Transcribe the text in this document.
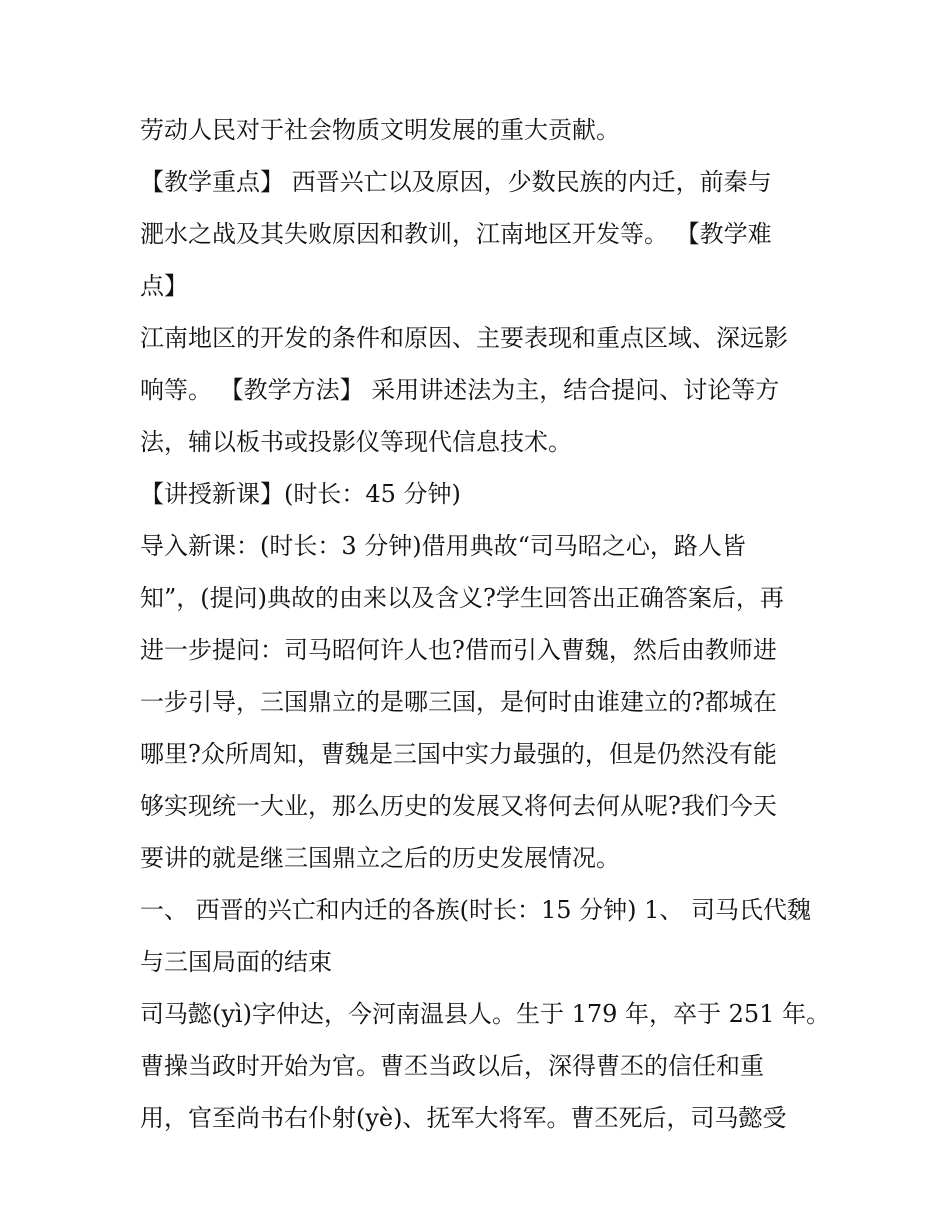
劳动人民对于社会物质文明发展的重大贡献。
【教学重点】 西晋兴亡以及原因，少数民族的内迁，前秦与
淝水之战及其失败原因和教训，江南地区开发等。 【教学难
点】
江南地区的开发的条件和原因、主要表现和重点区域、深远影
响等。 【教学方法】 采用讲述法为主，结合提问、讨论等方
法，辅以板书或投影仪等现代信息技术。
【讲授新课】(时长：45 分钟)
导入新课：(时长：3 分钟)借用典故“司马昭之心，路人皆
知”，(提问)典故的由来以及含义?学生回答出正确答案后，再
进一步提问：司马昭何许人也?借而引入曹魏，然后由教师进
一步引导，三国鼎立的是哪三国，是何时由谁建立的?都城在
哪里?众所周知，曹魏是三国中实力最强的，但是仍然没有能
够实现统一大业，那么历史的发展又将何去何从呢?我们今天
要讲的就是继三国鼎立之后的历史发展情况。
一、 西晋的兴亡和内迁的各族(时长：15 分钟) 1、 司马氏代魏
与三国局面的结束
司马懿(yì)字仲达，今河南温县人。生于 179 年，卒于 251 年。
曹操当政时开始为官。曹丕当政以后，深得曹丕的信任和重
用，官至尚书右仆射(yè)、抚军大将军。曹丕死后，司马懿受
